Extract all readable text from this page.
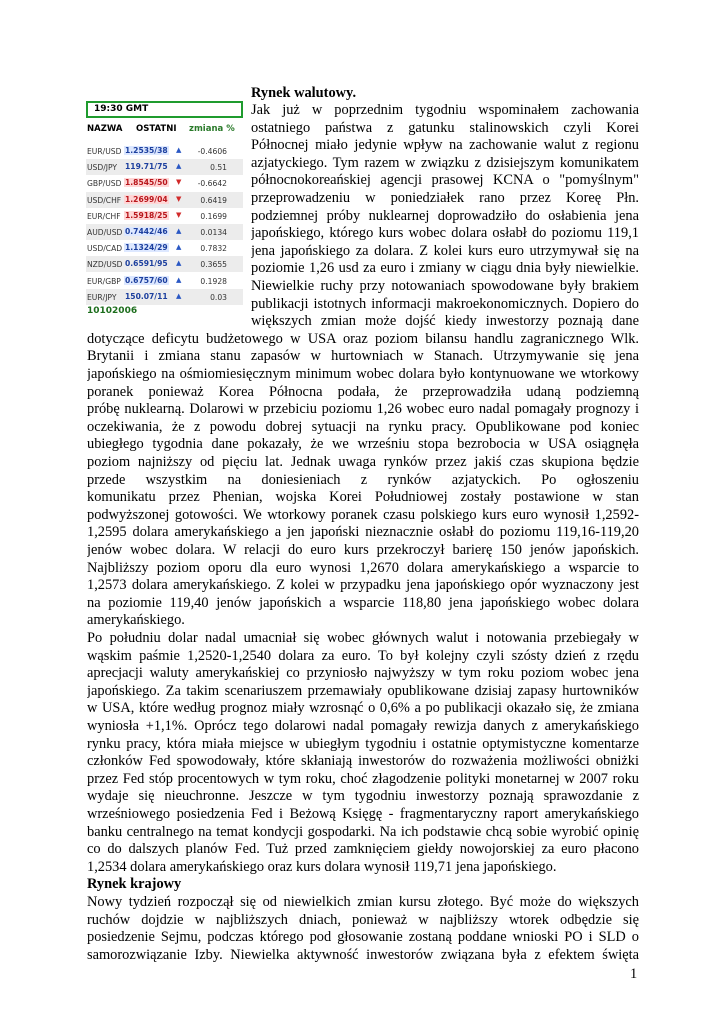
19:30 GMT
NAZWA OSTATNI zmiana %
EUR/USD 1.2535/38 ▲	-0.4606
USD/JPY 119.71/75 ▲	0.51
GBP/USD 1.8545/50 ▼	-0.6642
USD/CHF 1.2699/04 ▼	0.6419
EUR/CHF 1.5918/25 ▼	0.1699
AUD/USD 0.7442/46 ▲	0.0134
USD/CAD 1.1324/29 ▲	0.7832
NZD/USD 0.6591/95 ▲	0.3655
EUR/GBP 0.6757/60 ▲	0.1928
EUR/JPY 150.07/11 ▲	0.03
10102006
Rynek walutowy.
Jak już w poprzednim tygodniu wspominałem zachowania
ostatniego państwa z gatunku stalinowskich czyli Korei
Północnej miało jedynie wpływ na zachowanie walut z regionu
azjatyckiego. Tym razem w związku z dzisiejszym komunikatem
północnokoreańskiej agencji prasowej KCNA o "pomyślnym"
przeprowadzeniu w poniedziałek rano przez Koreę Płn.
podziemnej próby nuklearnej doprowadziło do osłabienia jena
japońskiego, którego kurs wobec dolara osłabł do poziomu 119,1
jena japońskiego za dolara. Z kolei kurs euro utrzymywał się na
poziomie 1,26 usd za euro i zmiany w ciągu dnia były niewielkie.
Niewielkie ruchy przy notowaniach spowodowane były brakiem
publikacji istotnych informacji makroekonomicznych. Dopiero do
większych zmian może dojść kiedy inwestorzy poznają dane
dotyczące deficytu budżetowego w USA oraz poziom bilansu handlu zagranicznego Wlk.
Brytanii i zmiana stanu zapasów w hurtowniach w Stanach. Utrzymywanie się jena
japońskiego na ośmiomiesięcznym minimum wobec dolara było kontynuowane we wtorkowy
poranek ponieważ Korea Północna podała, że przeprowadziła udaną podziemną
próbę nuklearną. Dolarowi w przebiciu poziomu 1,26 wobec euro nadal pomagały prognozy i
oczekiwania, że z powodu dobrej sytuacji na rynku pracy. Opublikowane pod koniec
ubiegłego tygodnia dane pokazały, że we wrześniu stopa bezrobocia w USA osiągnęła
poziom najniższy od pięciu lat. Jednak uwaga rynków przez jakiś czas skupiona będzie
przede wszystkim na doniesieniach z rynków azjatyckich. Po ogłoszeniu
komunikatu przez Phenian, wojska Korei Południowej zostały postawione w stan
podwyższonej gotowości. We wtorkowy poranek czasu polskiego kurs euro wynosił 1,2592-
1,2595 dolara amerykańskiego a jen japoński nieznacznie osłabł do poziomu 119,16-119,20
jenów wobec dolara. W relacji do euro kurs przekroczył barierę 150 jenów japońskich.
Najbliższy poziom oporu dla euro wynosi 1,2670 dolara amerykańskiego a wsparcie to
1,2573 dolara amerykańskiego. Z kolei w przypadku jena japońskiego opór wyznaczony jest
na poziomie 119,40 jenów japońskich a wsparcie 118,80 jena japońskiego wobec dolara
amerykańskiego.
Po południu dolar nadal umacniał się wobec głównych walut i notowania przebiegały w
wąskim paśmie 1,2520-1,2540 dolara za euro. To był kolejny czyli szósty dzień z rzędu
aprecjacji waluty amerykańskiej co przyniosło najwyższy w tym roku poziom wobec jena
japońskiego. Za takim scenariuszem przemawiały opublikowane dzisiaj zapasy hurtowników
w USA, które według prognoz miały wzrosnąć o 0,6% a po publikacji okazało się, że zmiana
wyniosła +1,1%. Oprócz tego dolarowi nadal pomagały rewizja danych z amerykańskiego
rynku pracy, która miała miejsce w ubiegłym tygodniu i ostatnie optymistyczne komentarze
członków Fed spowodowały, które skłaniają inwestorów do rozważenia możliwości obniżki
przez Fed stóp procentowych w tym roku, choć złagodzenie polityki monetarnej w 2007 roku
wydaje się nieuchronne. Jeszcze w tym tygodniu inwestorzy poznają sprawozdanie z
wrześniowego posiedzenia Fed i Beżową Księgę - fragmentaryczny raport amerykańskiego
banku centralnego na temat kondycji gospodarki. Na ich podstawie chcą sobie wyrobić opinię
co do dalszych planów Fed. Tuż przed zamknięciem giełdy nowojorskiej za euro płacono
1,2534 dolara amerykańskiego oraz kurs dolara wynosił 119,71 jena japońskiego.
Rynek krajowy
Nowy tydzień rozpoczął się od niewielkich zmian kursu złotego. Być może do większych
ruchów dojdzie w najbliższych dniach, ponieważ w najbliższy wtorek odbędzie się
posiedzenie Sejmu, podczas którego pod głosowanie zostaną poddane wnioski PO i SLD o
samorozwiązanie Izby. Niewielka aktywność inwestorów związana była z efektem święta
1
